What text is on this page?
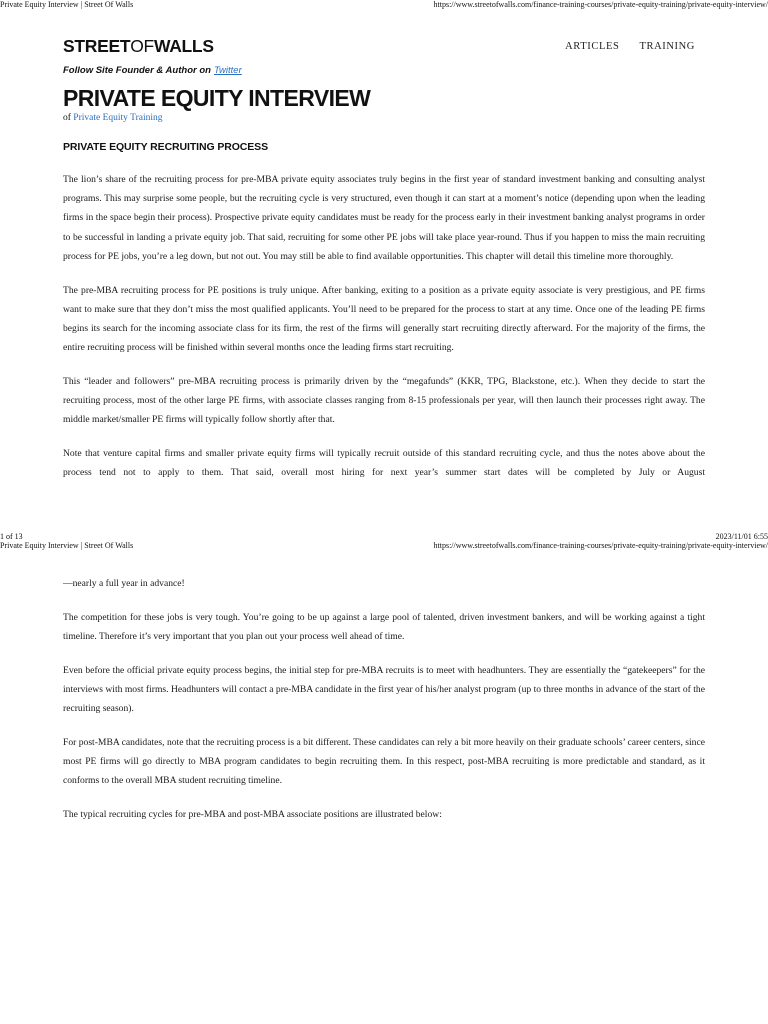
Private Equity Interview | Street Of Walls	https://www.streetofwalls.com/finance-training-courses/private-equity-training/private-equity-interview/
STREETOFWALLS	ARTICLES TRAINING
Follow Site Founder & Author on Twitter
PRIVATE EQUITY INTERVIEW
of Private Equity Training
PRIVATE EQUITY RECRUITING PROCESS

The lion’s share of the recruiting process for pre-MBA private equity associates truly begins in the first year of standard investment banking and consulting analyst programs. This may surprise some people, but the recruiting cycle is very structured, even though it can start at a moment’s notice (depending upon when the leading firms in the space begin their process). Prospective private equity candidates must be ready for the process early in their investment banking analyst programs in order to be successful in landing a private equity job. That said, recruiting for some other PE jobs will take place year-round. Thus if you happen to miss the main recruiting process for PE jobs, you’re a leg down, but not out. You may still be able to find available opportunities. This chapter will detail this timeline more thoroughly.

The pre-MBA recruiting process for PE positions is truly unique. After banking, exiting to a position as a private equity associate is very prestigious, and PE firms want to make sure that they don’t miss the most qualified applicants. You’ll need to be prepared for the process to start at any time. Once one of the leading PE firms begins its search for the incoming associate class for its firm, the rest of the firms will generally start recruiting directly afterward. For the majority of the firms, the entire recruiting process will be finished within several months once the leading firms start recruiting.

This “leader and followers” pre-MBA recruiting process is primarily driven by the “megafunds” (KKR, TPG, Blackstone, etc.). When they decide to start the recruiting process, most of the other large PE firms, with associate classes ranging from 8-15 professionals per year, will then launch their processes right away. The middle market/smaller PE firms will typically follow shortly after that.

Note that venture capital firms and smaller private equity firms will typically recruit outside of this standard recruiting cycle, and thus the notes above about the process tend not to apply to them. That said, overall most hiring for next year’s summer start dates will be completed by July or August

1 of 13	2023/11/01 6:55
Private Equity Interview | Street Of Walls	https://www.streetofwalls.com/finance-training-courses/private-equity-training/private-equity-interview/

—nearly a full year in advance!

The competition for these jobs is very tough. You’re going to be up against a large pool of talented, driven investment bankers, and will be working against a tight timeline. Therefore it’s very important that you plan out your process well ahead of time.

Even before the official private equity process begins, the initial step for pre-MBA recruits is to meet with headhunters. They are essentially the “gatekeepers” for the interviews with most firms. Headhunters will contact a pre-MBA candidate in the first year of his/her analyst program (up to three months in advance of the start of the recruiting season).

For post-MBA candidates, note that the recruiting process is a bit different. These candidates can rely a bit more heavily on their graduate schools’ career centers, since most PE firms will go directly to MBA program candidates to begin recruiting them. In this respect, post-MBA recruiting is more predictable and standard, as it conforms to the overall MBA student recruiting timeline.

The typical recruiting cycles for pre-MBA and post-MBA associate positions are illustrated below:
